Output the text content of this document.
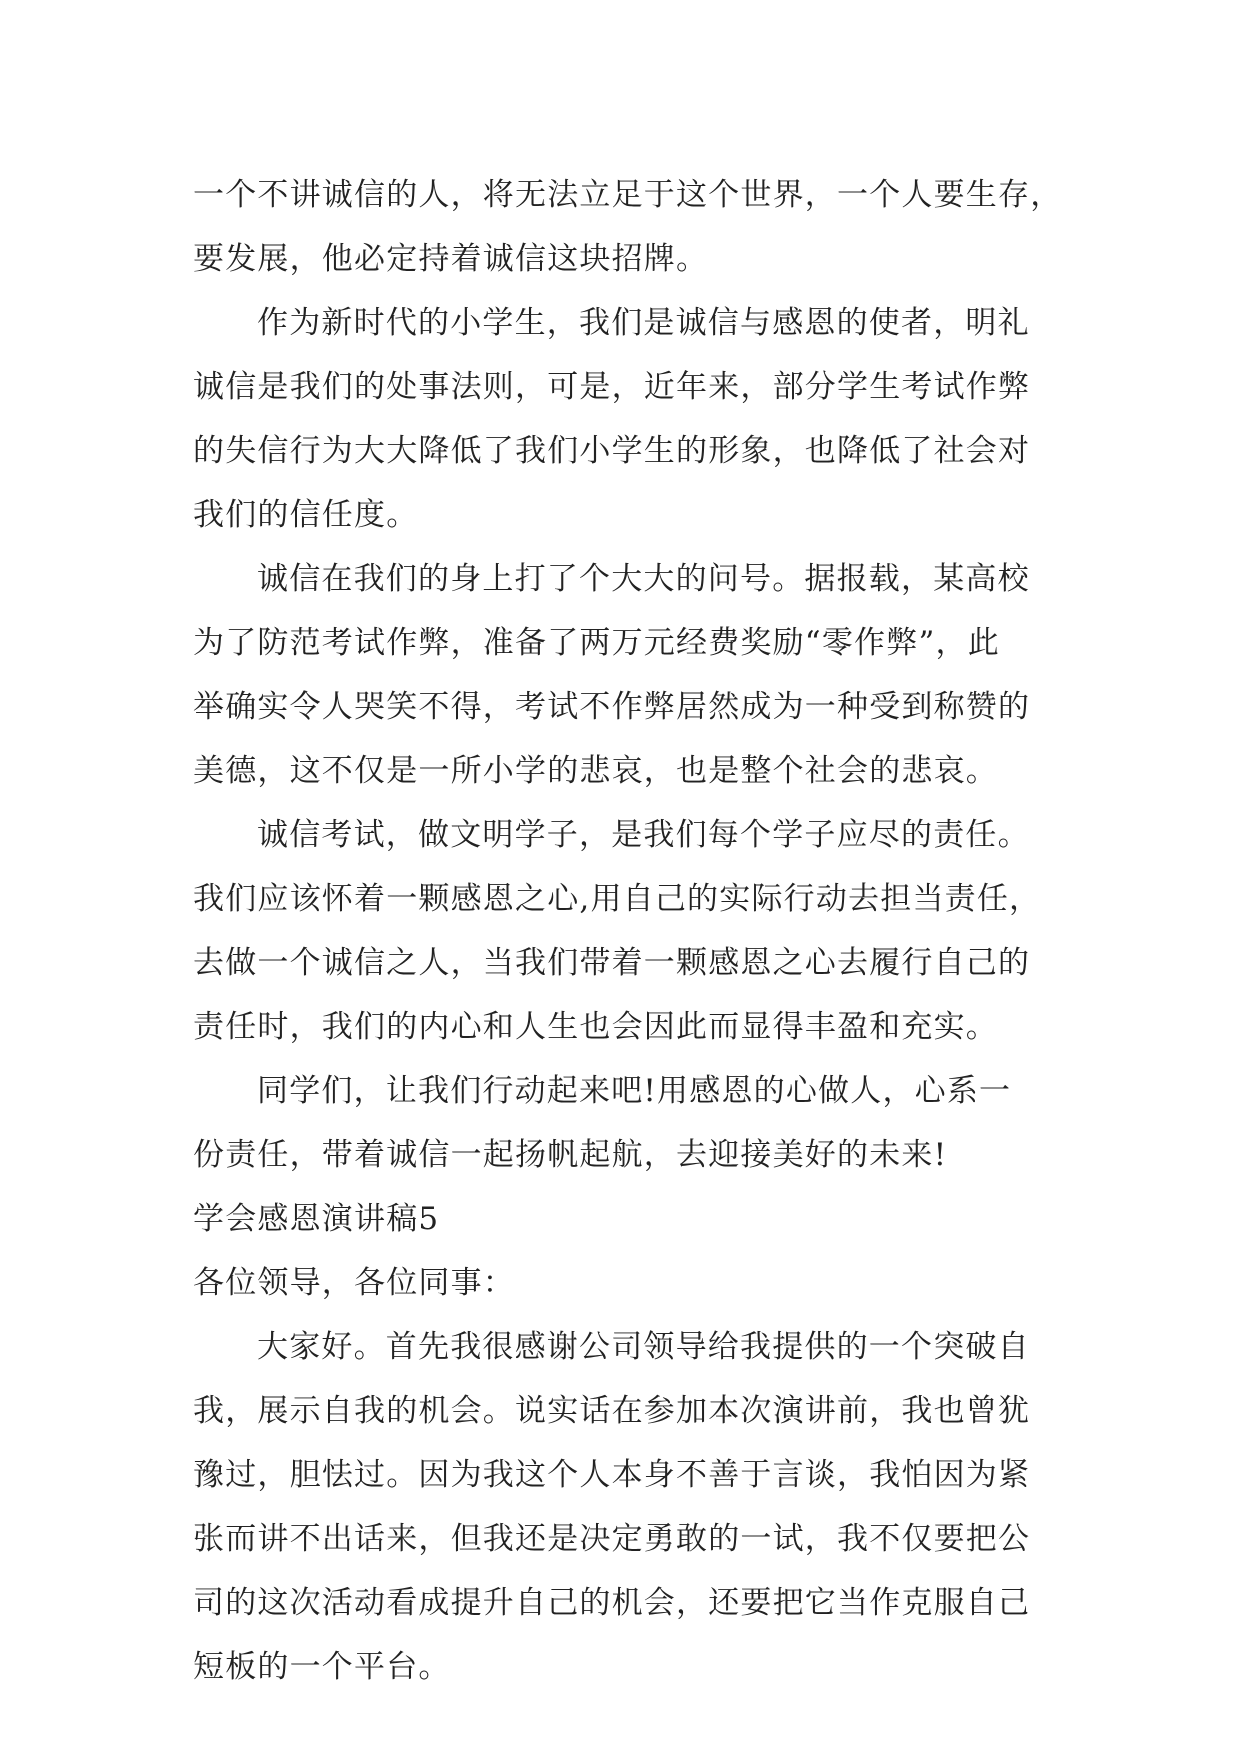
一个不讲诚信的人，将无法立足于这个世界，一个人要生存，
要发展，他必定持着诚信这块招牌。
作为新时代的小学生，我们是诚信与感恩的使者，明礼
诚信是我们的处事法则，可是，近年来，部分学生考试作弊
的失信行为大大降低了我们小学生的形象，也降低了社会对
我们的信任度。
诚信在我们的身上打了个大大的问号。据报载，某高校
为了防范考试作弊，准备了两万元经费奖励“零作弊”，此
举确实令人哭笑不得，考试不作弊居然成为一种受到称赞的
美德，这不仅是一所小学的悲哀，也是整个社会的悲哀。
诚信考试，做文明学子，是我们每个学子应尽的责任。
我们应该怀着一颗感恩之心,用自己的实际行动去担当责任，
去做一个诚信之人，当我们带着一颗感恩之心去履行自己的
责任时，我们的内心和人生也会因此而显得丰盈和充实。
同学们，让我们行动起来吧!用感恩的心做人，心系一
份责任，带着诚信一起扬帆起航，去迎接美好的未来!
学会感恩演讲稿5
各位领导，各位同事：
大家好。首先我很感谢公司领导给我提供的一个突破自
我，展示自我的机会。说实话在参加本次演讲前，我也曾犹
豫过，胆怯过。因为我这个人本身不善于言谈，我怕因为紧
张而讲不出话来，但我还是决定勇敢的一试，我不仅要把公
司的这次活动看成提升自己的机会，还要把它当作克服自己
短板的一个平台。
